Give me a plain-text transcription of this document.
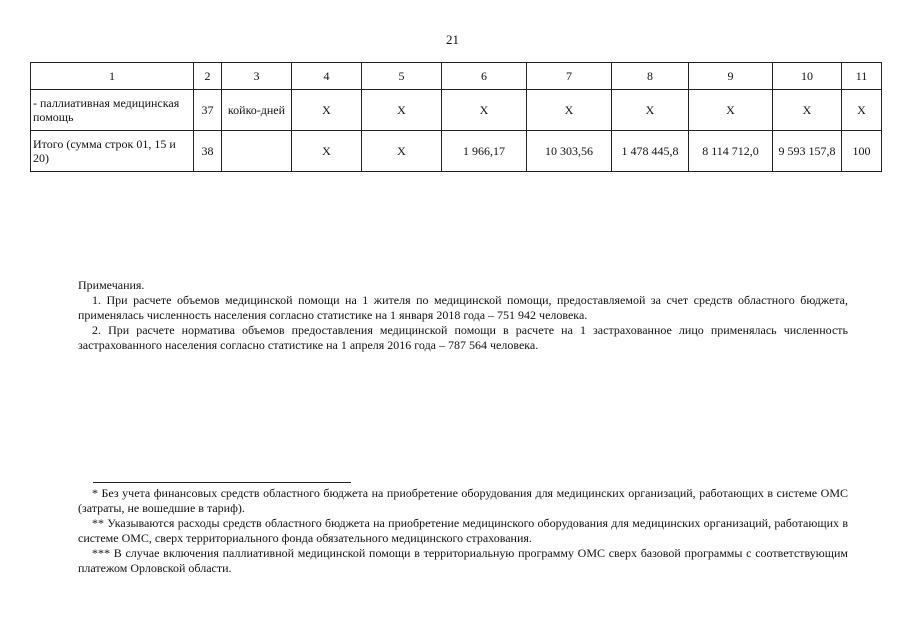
21
1	2	3	4	5	6	7	8	9	10	11
- паллиативная медицинская помощь	37	койко-дней	X	X	X	X	X	X	X	X
Итого (сумма строк 01, 15 и 20)	38		X	X	1 966,17	10 303,56	1 478 445,8	8 114 712,0	9 593 157,8	100

Примечания.

1. При расчете объемов медицинской помощи на 1 жителя по медицинской помощи, предоставляемой за счет средств областного бюджета, применялась численность населения согласно статистике на 1 января 2018 года – 751 942 человека.

2. При расчете норматива объемов предоставления медицинской помощи в расчете на 1 застрахованное лицо применялась численность застрахованного населения согласно статистике на 1 апреля 2016 года – 787 564 человека.

* Без учета финансовых средств областного бюджета на приобретение оборудования для медицинских организаций, работающих в системе ОМС (затраты, не вошедшие в тариф).

** Указываются расходы средств областного бюджета на приобретение медицинского оборудования для медицинских организаций, работающих в системе ОМС, сверх территориального фонда обязательного медицинского страхования.

*** В случае включения паллиативной медицинской помощи в территориальную программу ОМС сверх базовой программы с соответствующим платежом Орловской области.
